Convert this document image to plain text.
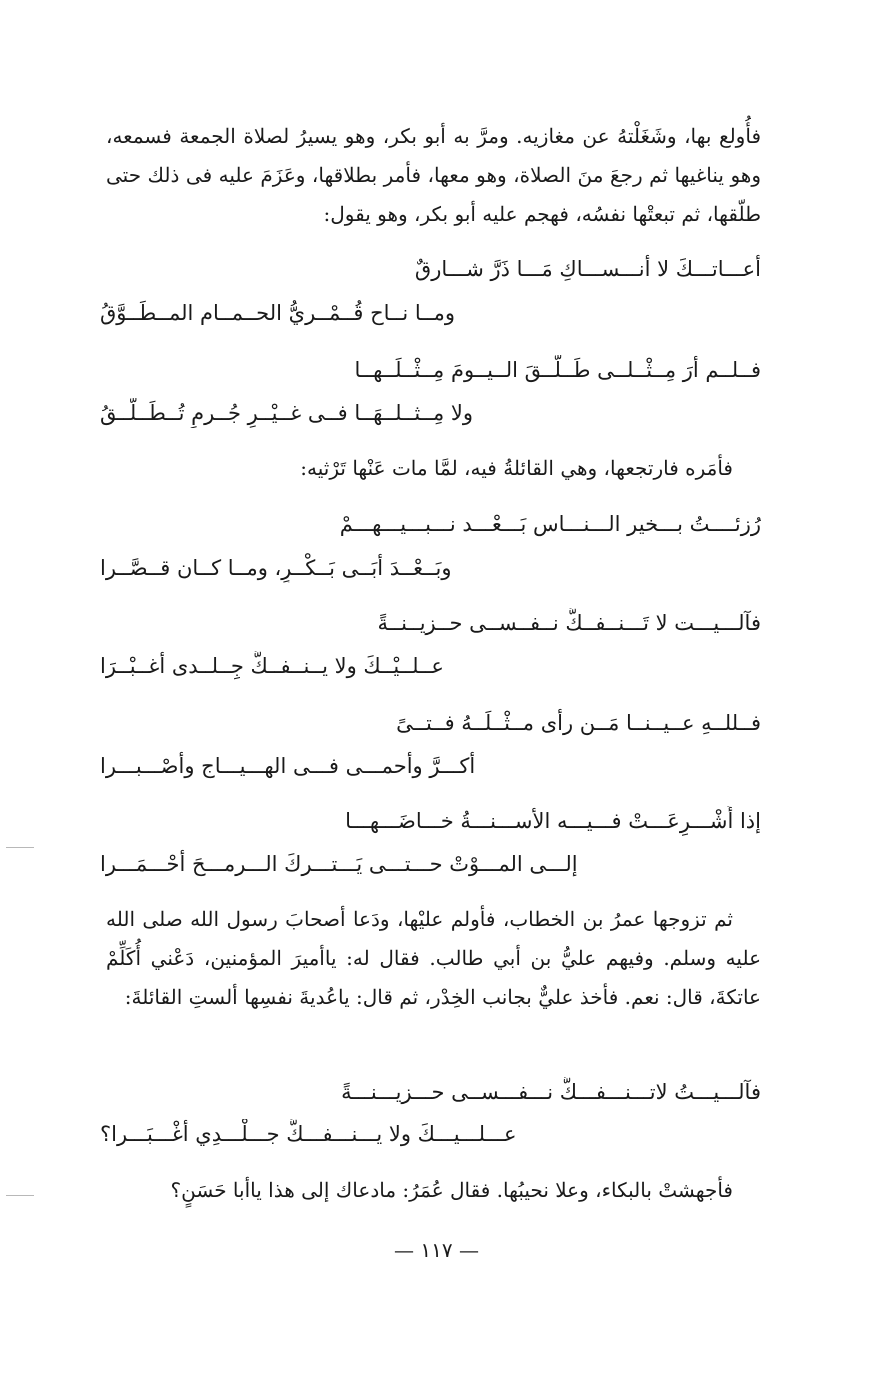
فأُولع بها، وشَغَلْتهُ عن مغازيه. ومرَّ به أبو بكر، وهو يسيرُ لصلاة الجمعة فسمعه، وهو يناغيها ثم رجعَ منَ الصلاة، وهو معها، فأمر بطلاقها، وعَزَمَ عليه فى ذلك حتى طلّقها، ثم تبعتْها نفسُه، فهجم عليه أبو بكر، وهو يقول:

أعـــاتـــكَ لا أنـــســـاكِ مَـــا ذَرَّ شـــارقٌ
ومــا نــاح قُــمْــريُّ الحــمــام المــطَــوَّقُ
فــلــم أرَ مِــثْــلــى طَــلَّــقَ الــيــومَ مِــثْــلَــهــا
ولا مِــثــلــهَــا فــى غــيْــرِ جُــرمٍ تُــطَــلَّــقُ

فأمَره فارتجعها، وهي القائلةُ فيه، لمَّا مات عَنْها تَرْثيه:

رُزئــــتُ بـــخير الـــنـــاس بَـــعْـــد نـــبـــيـــهـــمْ
وبَــعْــدَ أبَــى بَــكْــرٍ، ومــا كــان قــصَّــرا
فآلـــيـــت لا تَـــنــفــكُّ نــفــســى حــزيــنــةً
عــلــيْــكَ ولا يــنــفــكُّ جِــلــدى أغــبْــرَا
فــللــهِ عــيــنــا مَــن رأى مــثْــلَــهُ فــتــىً
أكـــرَّ وأحمـــى فـــى الهـــيـــاج وأصْـــبـــرا
إذا أُشْـــرِعَـــتْ فـــيـــه الأســـنـــةُ خـــاضَـــهـــا
إلـــى المـــوْتْ حـــتـــى يَـــتـــركَ الـــرمـــحَ أحْـــمَـــرا

ثم تزوجها عمرُ بن الخطاب، فأولم عليْها، ودَعا أصحابَ رسول الله صلى الله عليه وسلم. وفيهم عليُّ بن أبي طالب. فقال له: ياأميرَ المؤمنين، دَعْني أُكَلِّمْ عاتكةَ، قال: نعم. فأخذ عليٌّ بجانب الخِدْر، ثم قال: ياعُديةَ نفسِها ألستِ القائلةَ:

فآلـــيـــتُ لاتـــنـــفـــكُّ نـــفـــســى حـــزيـــنـــةً
عـــلـــيـــكَ ولا يـــنـــفـــكُّ جـــلْـــدِي أغْـــبَـــرا؟

فأجهشتْ بالبكاء، وعلا نحيبُها. فقال عُمَرُ: مادعاك إلى هذا ياأبا حَسَنٍ؟

— ١١٧ —
